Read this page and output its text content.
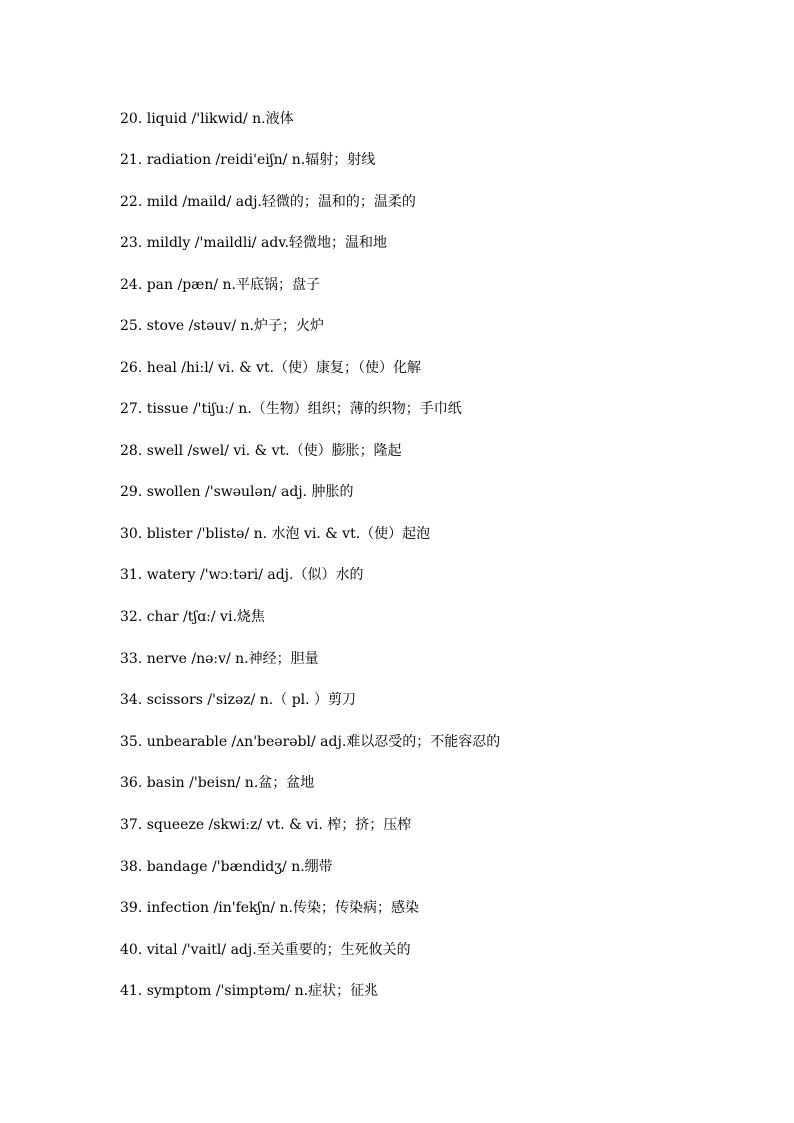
20. liquid /'likwid/ n.液体
21. radiation /reidi'eiʃn/ n.辐射；射线
22. mild /maild/ adj.轻微的；温和的；温柔的
23. mildly /'maildli/ adv.轻微地；温和地
24. pan /pæn/ n.平底锅；盘子
25. stove /stəuv/ n.炉子；火炉
26. heal /hiːl/ vi. & vt.（使）康复；（使）化解
27. tissue /'tiʃuː/ n.（生物）组织；薄的织物；手巾纸
28. swell /swel/ vi. & vt.（使）膨胀；隆起
29. swollen /'swəulən/ adj. 肿胀的
30. blister /'blistə/ n. 水泡 vi. & vt.（使）起泡
31. watery /'wɔːtəri/ adj.（似）水的
32. char /tʃɑː/ vi.烧焦
33. nerve /nəːv/ n.神经；胆量
34. scissors /'sizəz/ n.（ pl. ）剪刀
35. unbearable /ʌn'beərəbl/ adj.难以忍受的；不能容忍的
36. basin /'beisn/ n.盆；盆地
37. squeeze /skwiːz/ vt. & vi. 榨；挤；压榨
38. bandage /'bændidʒ/ n.绷带
39. infection /in'fekʃn/ n.传染；传染病；感染
40. vital /'vaitl/ adj.至关重要的；生死攸关的
41. symptom /'simptəm/ n.症状；征兆
